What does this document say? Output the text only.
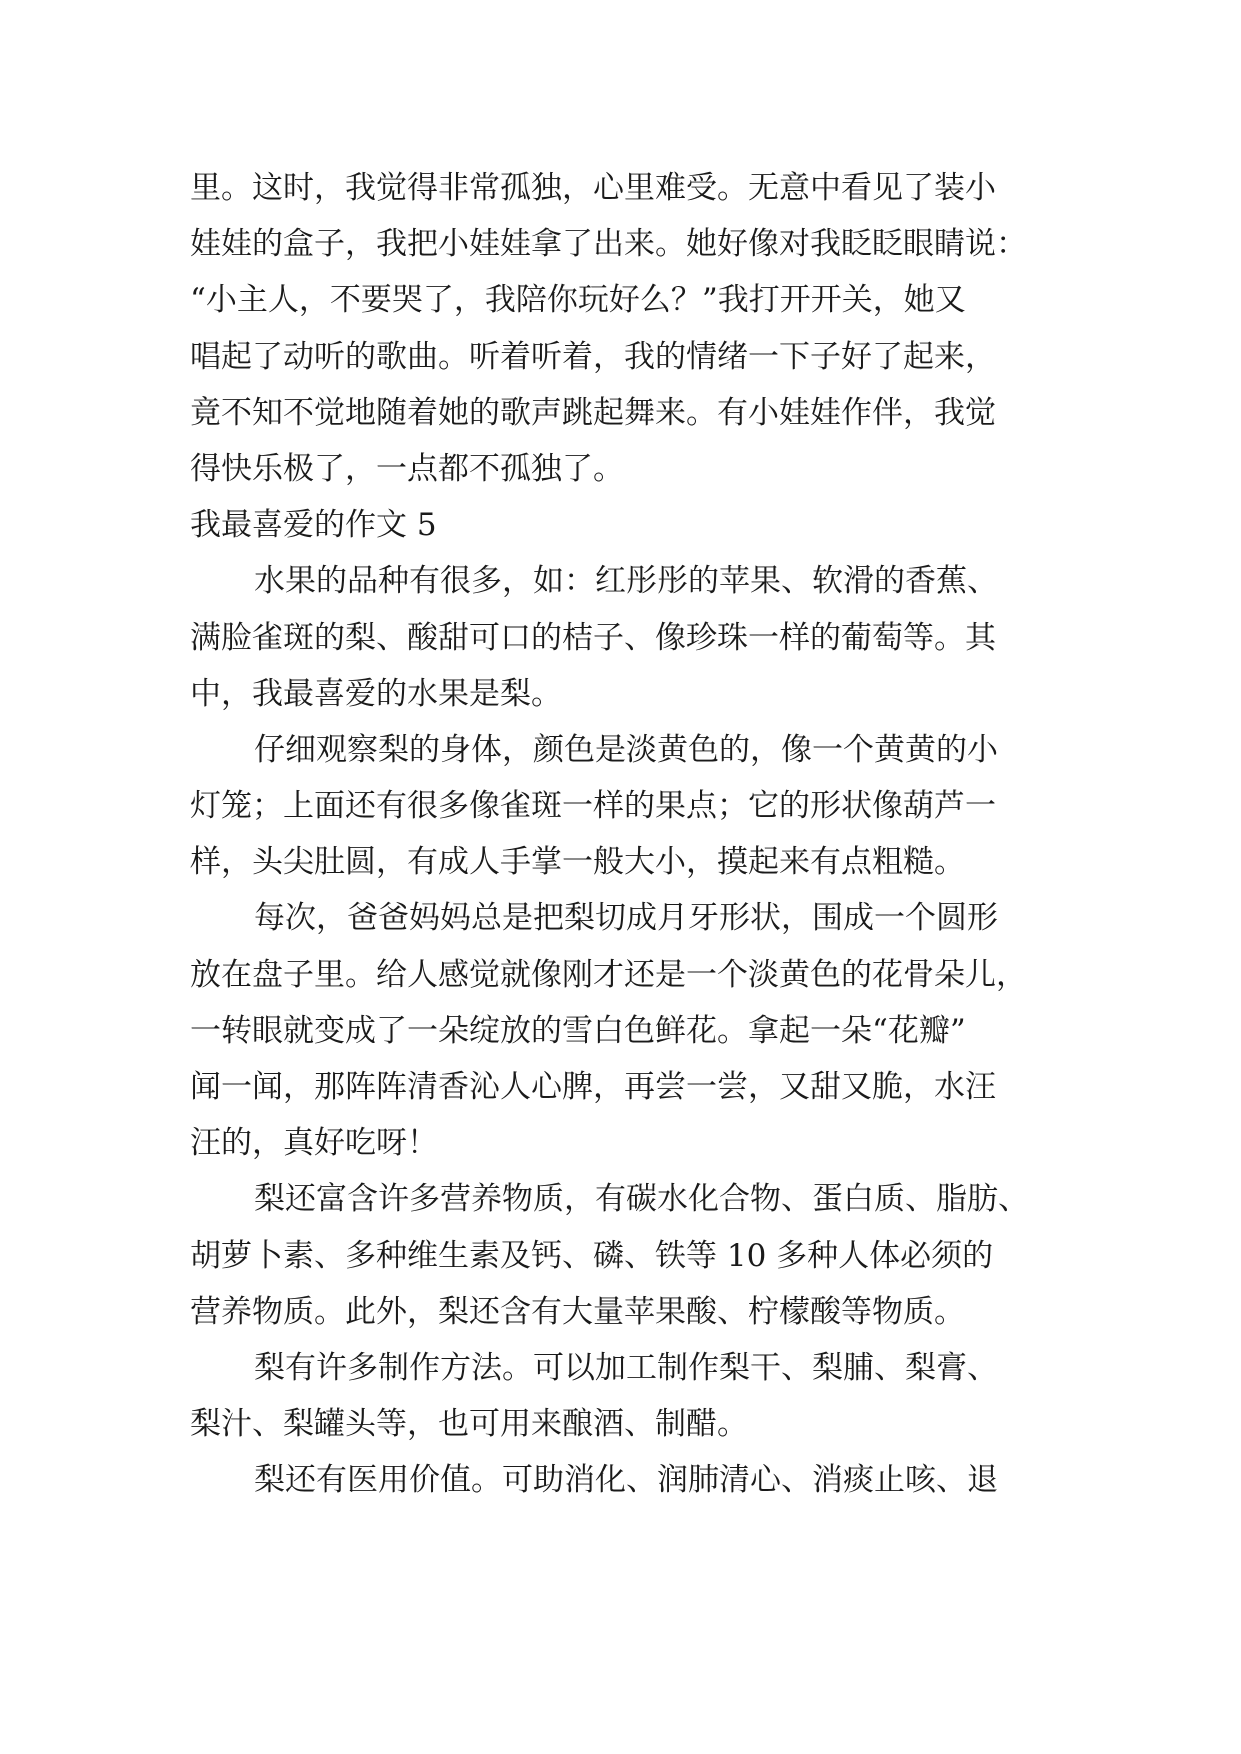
里。这时，我觉得非常孤独，心里难受。无意中看见了装小
娃娃的盒子，我把小娃娃拿了出来。她好像对我眨眨眼睛说：
“小主人，不要哭了，我陪你玩好么？”我打开开关，她又
唱起了动听的歌曲。听着听着，我的情绪一下子好了起来，
竟不知不觉地随着她的歌声跳起舞来。有小娃娃作伴，我觉
得快乐极了，一点都不孤独了。
我最喜爱的作文 5
水果的品种有很多，如：红彤彤的苹果、软滑的香蕉、
满脸雀斑的梨、酸甜可口的桔子、像珍珠一样的葡萄等。其
中，我最喜爱的水果是梨。
仔细观察梨的身体，颜色是淡黄色的，像一个黄黄的小
灯笼；上面还有很多像雀斑一样的果点；它的形状像葫芦一
样，头尖肚圆，有成人手掌一般大小，摸起来有点粗糙。
每次，爸爸妈妈总是把梨切成月牙形状，围成一个圆形
放在盘子里。给人感觉就像刚才还是一个淡黄色的花骨朵儿，
一转眼就变成了一朵绽放的雪白色鲜花。拿起一朵“花瓣”
闻一闻，那阵阵清香沁人心脾，再尝一尝，又甜又脆，水汪
汪的，真好吃呀！
梨还富含许多营养物质，有碳水化合物、蛋白质、脂肪、
胡萝卜素、多种维生素及钙、磷、铁等 10 多种人体必须的
营养物质。此外，梨还含有大量苹果酸、柠檬酸等物质。
梨有许多制作方法。可以加工制作梨干、梨脯、梨膏、
梨汁、梨罐头等，也可用来酿酒、制醋。
梨还有医用价值。可助消化、润肺清心、消痰止咳、退
